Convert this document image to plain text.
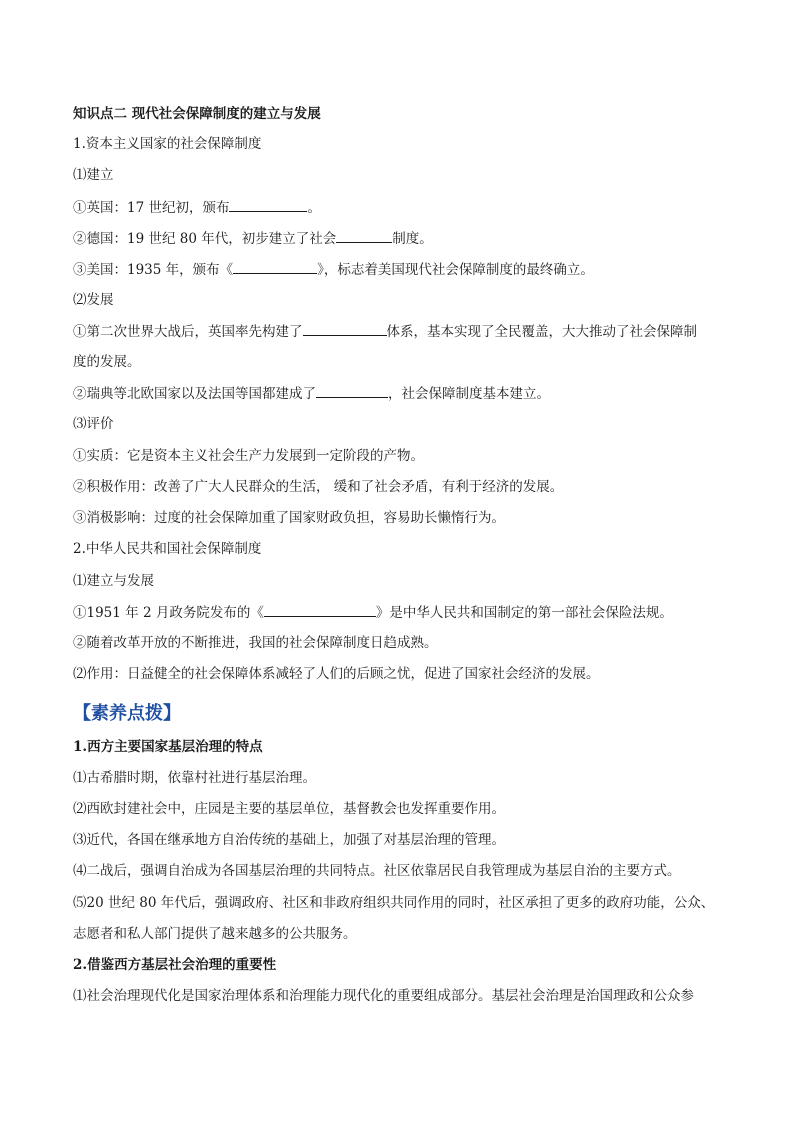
知识点二 现代社会保障制度的建立与发展
1.资本主义国家的社会保障制度
⑴建立
①英国：17 世纪初，颁布	。
②德国：19 世纪 80 年代，初步建立了社会	制度。
③美国：1935 年，颁布《	》，标志着美国现代社会保障制度的最终确立。
⑵发展
①第二次世界大战后，英国率先构建了	体系，基本实现了全民覆盖，大大推动了社会保障制
度的发展。
②瑞典等北欧国家以及法国等国都建成了	，社会保障制度基本建立。
⑶评价
①实质：它是资本主义社会生产力发展到一定阶段的产物。
②积极作用：改善了广大人民群众的生活， 缓和了社会矛盾，有利于经济的发展。
③消极影响：过度的社会保障加重了国家财政负担，容易助长懒惰行为。
2.中华人民共和国社会保障制度
⑴建立与发展
①1951 年 2 月政务院发布的《	》是中华人民共和国制定的第一部社会保险法规。
②随着改革开放的不断推进，我国的社会保障制度日趋成熟。
⑵作用：日益健全的社会保障体系减轻了人们的后顾之忧，促进了国家社会经济的发展。
【素养点拨】
1.西方主要国家基层治理的特点
⑴古希腊时期，依靠村社进行基层治理。
⑵西欧封建社会中，庄园是主要的基层单位，基督教会也发挥重要作用。
⑶近代，各国在继承地方自治传统的基础上，加强了对基层治理的管理。
⑷二战后，强调自治成为各国基层治理的共同特点。社区依靠居民自我管理成为基层自治的主要方式。
⑸20 世纪 80 年代后，强调政府、社区和非政府组织共同作用的同时，社区承担了更多的政府功能，公众、
志愿者和私人部门提供了越来越多的公共服务。
2.借鉴西方基层社会治理的重要性
⑴社会治理现代化是国家治理体系和治理能力现代化的重要组成部分。基层社会治理是治国理政和公众参
